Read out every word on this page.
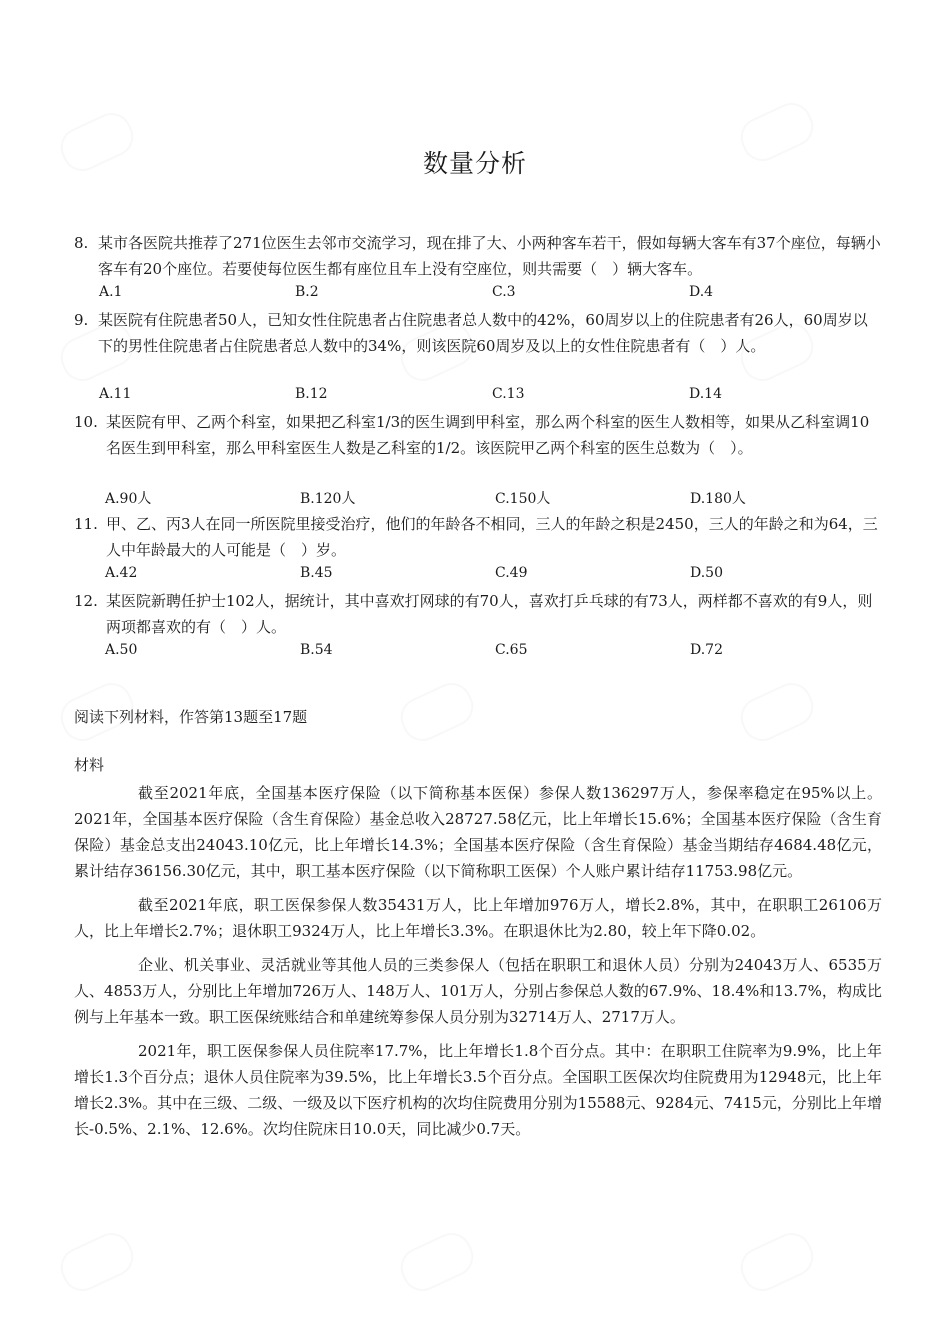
数量分析
8. 某市各医院共推荐了271位医生去邻市交流学习，现在排了大、小两种客车若干，假如每辆大客车有37个座位，每辆小客车有20个座位。若要使每位医生都有座位且车上没有空座位，则共需要（　）辆大客车。

A.1	B.2	C.3	D.4
9. 某医院有住院患者50人，已知女性住院患者占住院患者总人数中的42%，60周岁以上的住院患者有26人，60周岁以下的男性住院患者占住院患者总人数中的34%，则该医院60周岁及以上的女性住院患者有（　）人。

A.11	B.12	C.13	D.14
10. 某医院有甲、乙两个科室，如果把乙科室1/3的医生调到甲科室，那么两个科室的医生人数相等，如果从乙科室调10名医生到甲科室，那么甲科室医生人数是乙科室的1/2。该医院甲乙两个科室的医生总数为（　）。

A.90人	B.120人	C.150人	D.180人
11. 甲、乙、丙3人在同一所医院里接受治疗，他们的年龄各不相同，三人的年龄之积是2450，三人的年龄之和为64，三人中年龄最大的人可能是（　）岁。

A.42	B.45	C.49	D.50
12. 某医院新聘任护士102人，据统计，其中喜欢打网球的有70人，喜欢打乒乓球的有73人，两样都不喜欢的有9人，则两项都喜欢的有（　）人。

A.50	B.54	C.65	D.72
阅读下列材料，作答第13题至17题
材料

截至2021年底，全国基本医疗保险（以下简称基本医保）参保人数136297万人，参保率稳定在95%以上。2021年，全国基本医疗保险（含生育保险）基金总收入28727.58亿元，比上年增长15.6%；全国基本医疗保险（含生育保险）基金总支出24043.10亿元，比上年增长14.3%；全国基本医疗保险（含生育保险）基金当期结存4684.48亿元，累计结存36156.30亿元，其中，职工基本医疗保险（以下简称职工医保）个人账户累计结存11753.98亿元。

截至2021年底，职工医保参保人数35431万人，比上年增加976万人，增长2.8%，其中，在职职工26106万人，比上年增长2.7%；退休职工9324万人，比上年增长3.3%。在职退休比为2.80，较上年下降0.02。

企业、机关事业、灵活就业等其他人员的三类参保人（包括在职职工和退休人员）分别为24043万人、6535万人、4853万人，分别比上年增加726万人、148万人、101万人，分别占参保总人数的67.9%、18.4%和13.7%，构成比例与上年基本一致。职工医保统账结合和单建统筹参保人员分别为32714万人、2717万人。

2021年，职工医保参保人员住院率17.7%，比上年增长1.8个百分点。其中：在职职工住院率为9.9%，比上年增长1.3个百分点；退休人员住院率为39.5%，比上年增长3.5个百分点。全国职工医保次均住院费用为12948元，比上年增长2.3%。其中在三级、二级、一级及以下医疗机构的次均住院费用分别为15588元、9284元、7415元，分别比上年增长-0.5%、2.1%、12.6%。次均住院床日10.0天，同比减少0.7天。
